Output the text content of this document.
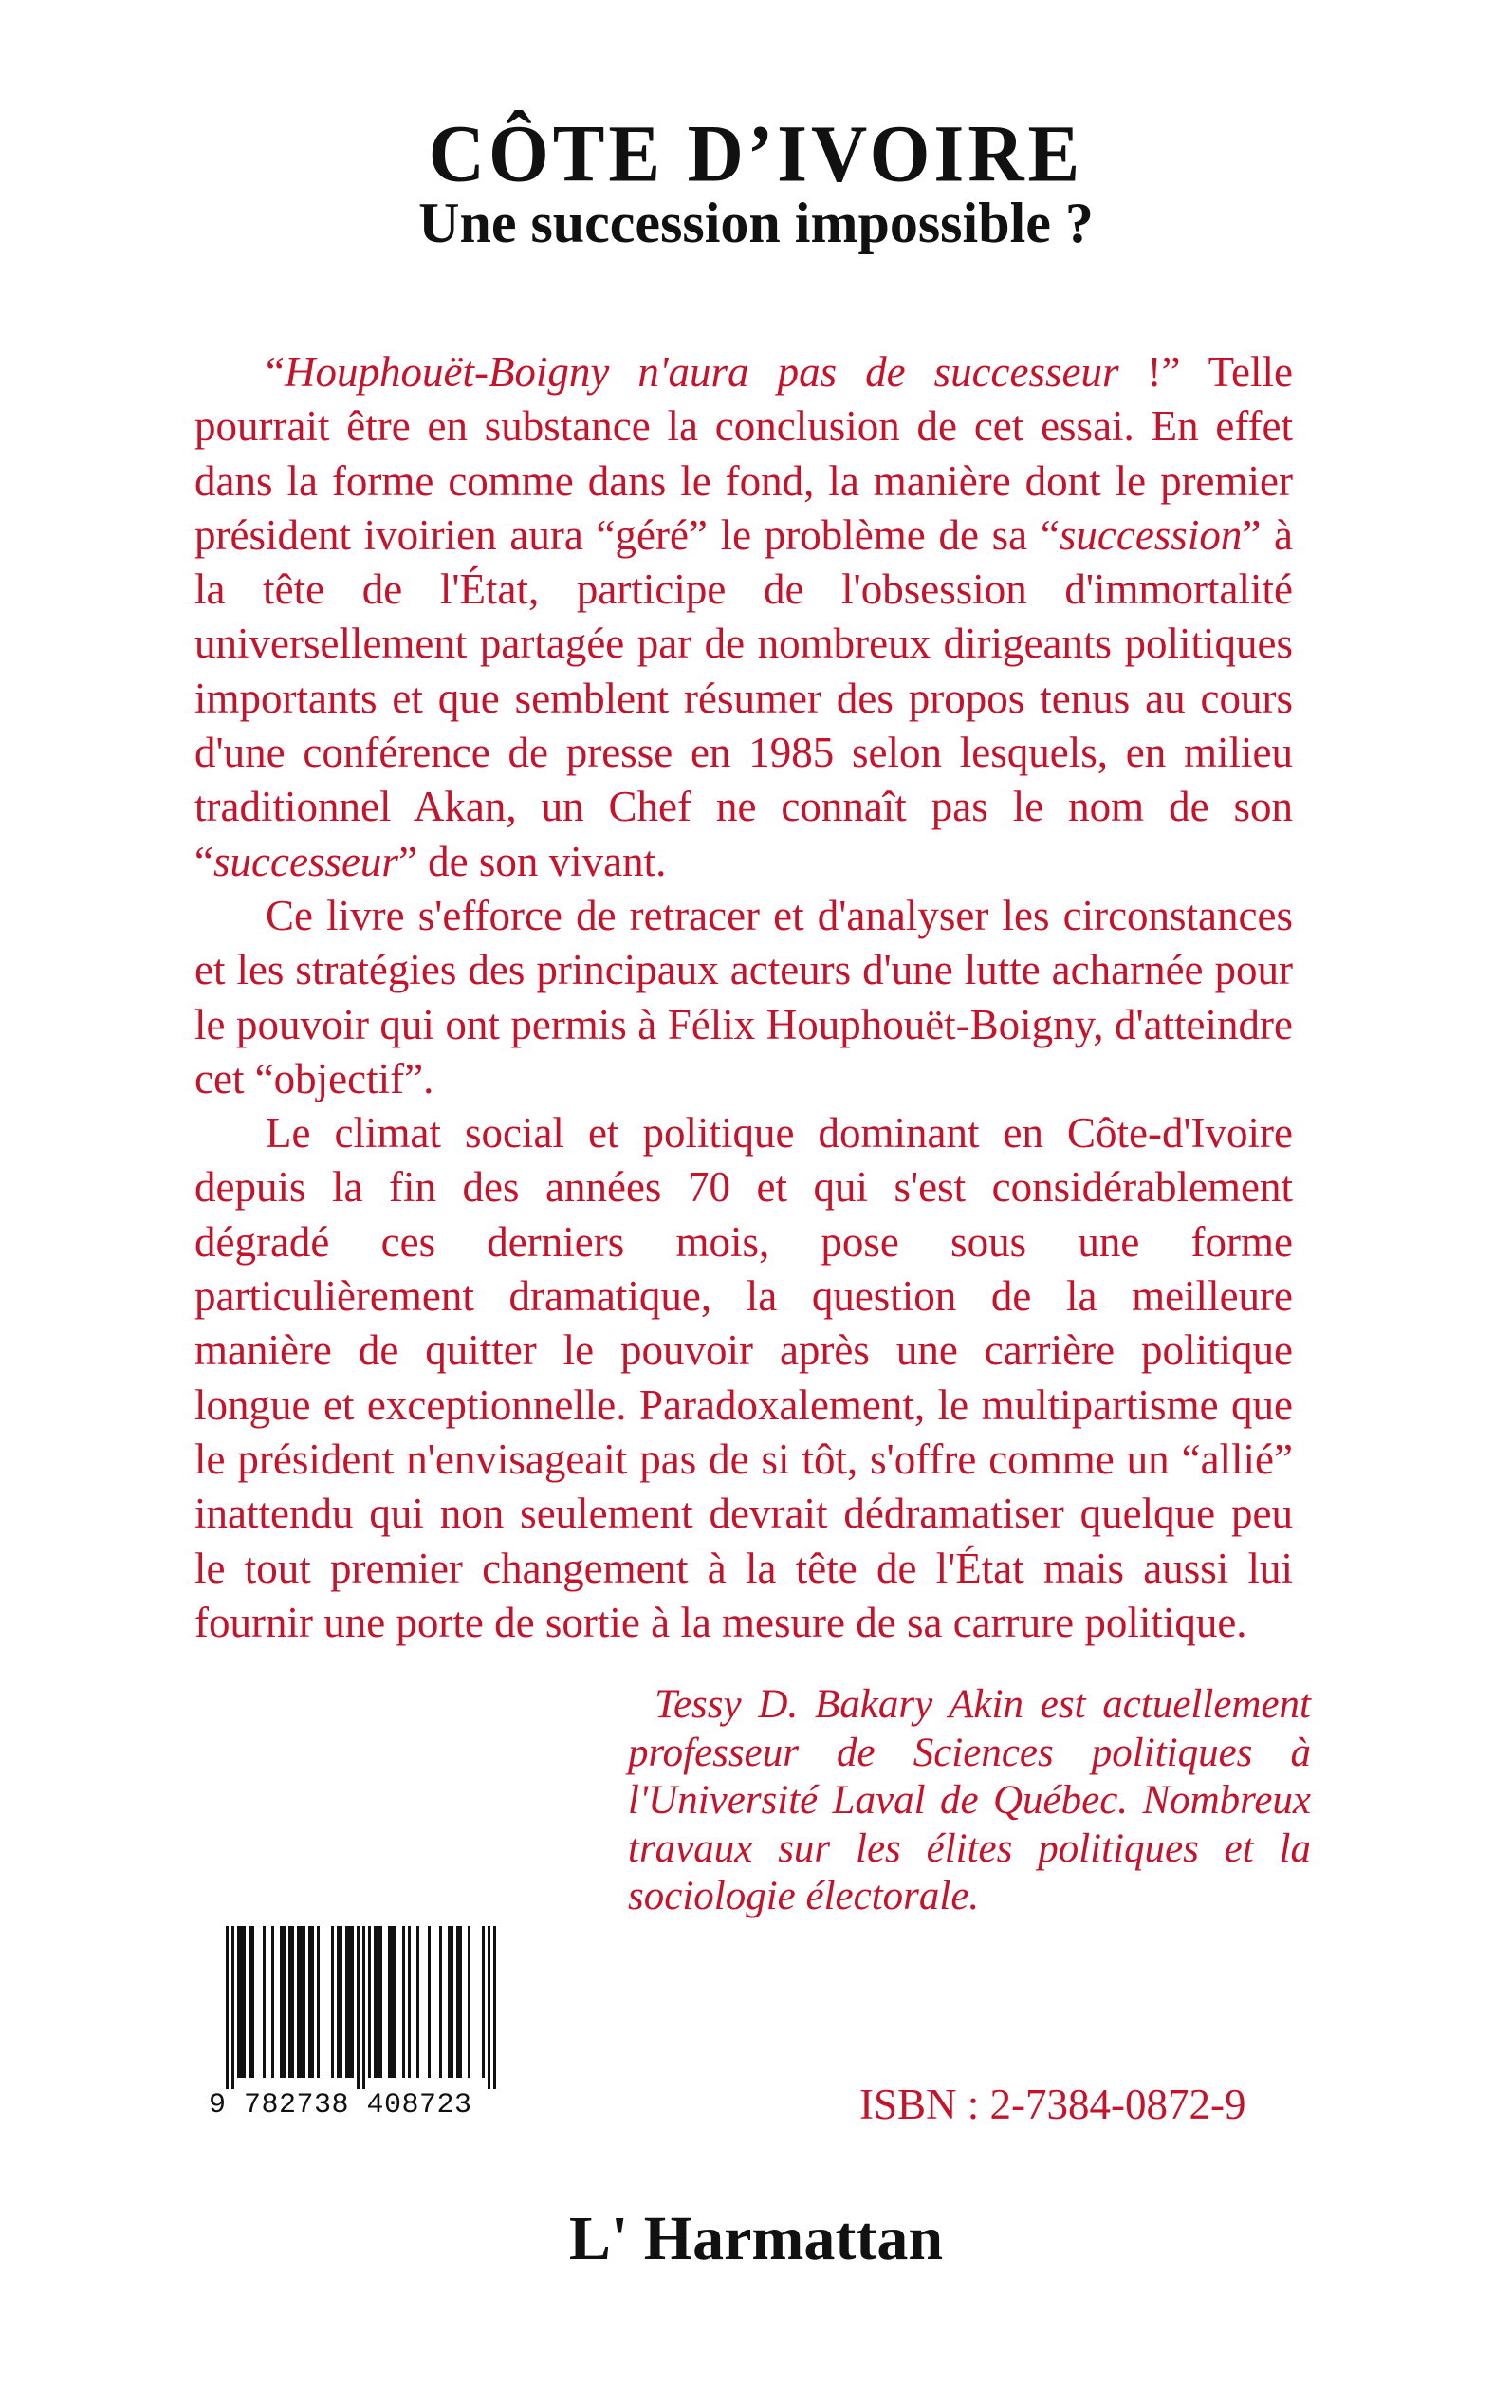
CÔTE D’IVOIRE
Une succession impossible ?

“Houphouët-Boigny n'aura pas de successeur !” Telle pourrait être en substance la conclusion de cet essai. En effet dans la forme comme dans le fond, la manière dont le premier président ivoirien aura “géré” le problème de sa “succession” à la tête de l'État, participe de l'obsession d'immortalité universellement partagée par de nombreux dirigeants politiques importants et que semblent résumer des propos tenus au cours d'une conférence de presse en 1985 selon lesquels, en milieu traditionnel Akan, un Chef ne connaît pas le nom de son “successeur” de son vivant.

Ce livre s'efforce de retracer et d'analyser les circonstances et les stratégies des principaux acteurs d'une lutte acharnée pour le pouvoir qui ont permis à Félix Houphouët-Boigny, d'atteindre cet “objectif”.

Le climat social et politique dominant en Côte-d'Ivoire depuis la fin des années 70 et qui s'est considérablement dégradé ces derniers mois, pose sous une forme particulièrement dramatique, la question de la meilleure manière de quitter le pouvoir après une carrière politique longue et exceptionnelle. Paradoxalement, le multipartisme que le président n'envisageait pas de si tôt, s'offre comme un “allié” inattendu qui non seulement devrait dédramatiser quelque peu le tout premier changement à la tête de l'État mais aussi lui fournir une porte de sortie à la mesure de sa carrure politique.

Tessy D. Bakary Akin est actuellement professeur de Sciences politiques à l'Université Laval de Québec. Nombreux travaux sur les élites politiques et la sociologie électorale.
9 782738 408723	ISBN : 2-7384-0872-9
L' Harmattan
